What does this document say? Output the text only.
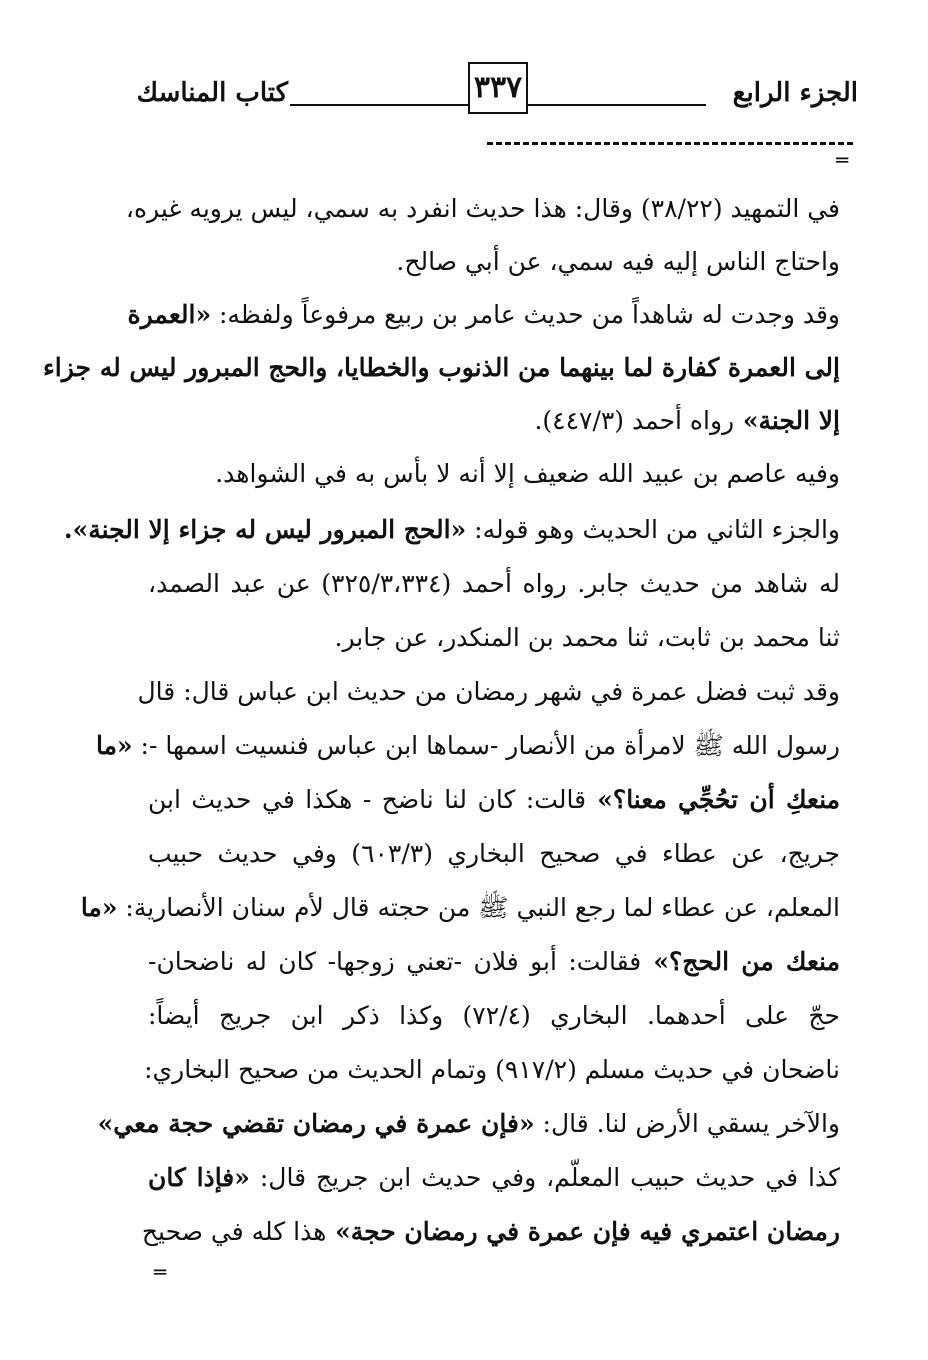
الجزء الرابع
٣٣٧
كتاب المناسك
═
في التمهيد (٣٨/٢٢) وقال: هذا حديث انفرد به سمي، ليس يرويه غيره،
واحتاج الناس إليه فيه سمي، عن أبي صالح.
وقد وجدت له شاهداً من حديث عامر بن ربيع مرفوعاً ولفظه: «العمرة
إلى العمرة كفارة لما بينهما من الذنوب والخطايا، والحج المبرور ليس له جزاء
إلا الجنة» رواه أحمد (٤٤٧/٣).
وفيه عاصم بن عبيد الله ضعيف إلا أنه لا بأس به في الشواهد.
والجزء الثاني من الحديث وهو قوله: «الحج المبرور ليس له جزاء إلا الجنة».
له شاهد من حديث جابر. رواه أحمد (٣٢٥/٣،٣٣٤) عن عبد الصمد،
ثنا محمد بن ثابت، ثنا محمد بن المنكدر، عن جابر.
وقد ثبت فضل عمرة في شهر رمضان من حديث ابن عباس قال: قال
رسول الله ﷺ لامرأة من الأنصار -سماها ابن عباس فنسيت اسمها -: «ما
منعكِ أن تحُجِّي معنا؟» قالت: كان لنا ناضح - هكذا في حديث ابن
جريج، عن عطاء في صحيح البخاري (٦٠٣/٣) وفي حديث حبيب
المعلم، عن عطاء لما رجع النبي ﷺ من حجته قال لأم سنان الأنصارية: «ما
منعك من الحج؟» فقالت: أبو فلان -تعني زوجها- كان له ناضحان-
حجّ على أحدهما. البخاري (٧٢/٤) وكذا ذكر ابن جريج أيضاً:
ناضحان في حديث مسلم (٩١٧/٢) وتمام الحديث من صحيح البخاري:
والآخر يسقي الأرض لنا. قال: «فإن عمرة في رمضان تقضي حجة معي»
كذا في حديث حبيب المعلّم، وفي حديث ابن جريج قال: «فإذا كان
رمضان اعتمري فيه فإن عمرة في رمضان حجة» هذا كله في صحيح
═
